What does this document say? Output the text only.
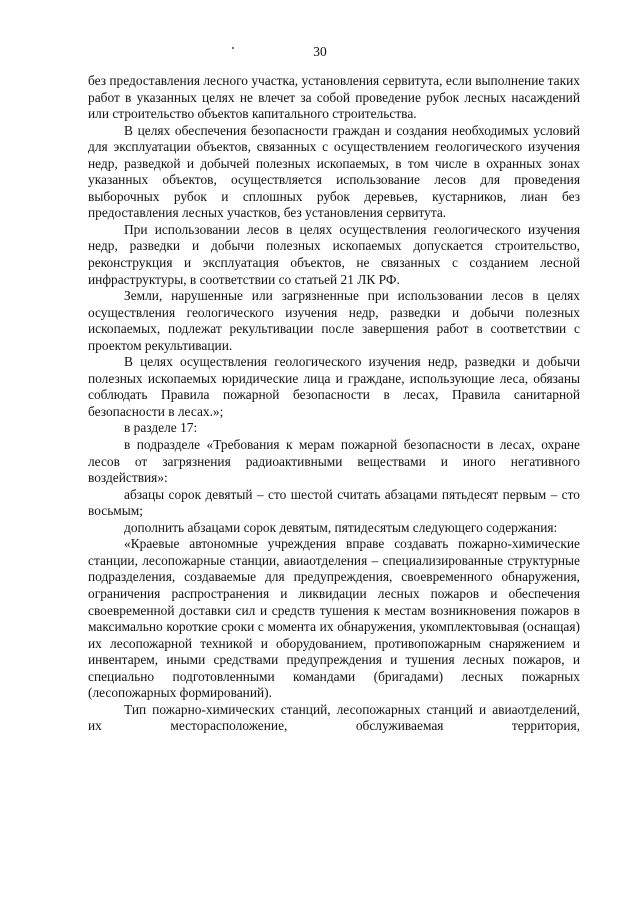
30

без предоставления лесного участка, установления сервитута, если выполнение таких работ в указанных целях не влечет за собой проведение рубок лесных насаждений или строительство объектов капитального строительства.

В целях обеспечения безопасности граждан и создания необходимых условий для эксплуатации объектов, связанных с осуществлением геологического изучения недр, разведкой и добычей полезных ископаемых, в том числе в охранных зонах указанных объектов, осуществляется использование лесов для проведения выборочных рубок и сплошных рубок деревьев, кустарников, лиан без предоставления лесных участков, без установления сервитута.

При использовании лесов в целях осуществления геологического изучения недр, разведки и добычи полезных ископаемых допускается строительство, реконструкция и эксплуатация объектов, не связанных с созданием лесной инфраструктуры, в соответствии со статьей 21 ЛК РФ.

Земли, нарушенные или загрязненные при использовании лесов в целях осуществления геологического изучения недр, разведки и добычи полезных ископаемых, подлежат рекультивации после завершения работ в соответствии с проектом рекультивации.

В целях осуществления геологического изучения недр, разведки и добычи полезных ископаемых юридические лица и граждане, использующие леса, обязаны соблюдать Правила пожарной безопасности в лесах, Правила санитарной безопасности в лесах.»;

в разделе 17:

в подразделе «Требования к мерам пожарной безопасности в лесах, охране лесов от загрязнения радиоактивными веществами и иного негативного воздействия»:

абзацы сорок девятый – сто шестой считать абзацами пятьдесят первым – сто восьмым;

дополнить абзацами сорок девятым, пятидесятым следующего содержания:

«Краевые автономные учреждения вправе создавать пожарно-химические станции, лесопожарные станции, авиаотделения – специализированные структурные подразделения, создаваемые для предупреждения, своевременного обнаружения, ограничения распространения и ликвидации лесных пожаров и обеспечения своевременной доставки сил и средств тушения к местам возникновения пожаров в максимально короткие сроки с момента их обнаружения, укомплектовывая (оснащая) их лесопожарной техникой и оборудованием, противопожарным снаряжением и инвентарем, иными средствами предупреждения и тушения лесных пожаров, и специально подготовленными командами (бригадами) лесных пожарных (лесопожарных формирований).

Тип пожарно-химических станций, лесопожарных станций и авиаотделений, их месторасположение, обслуживаемая территория,
